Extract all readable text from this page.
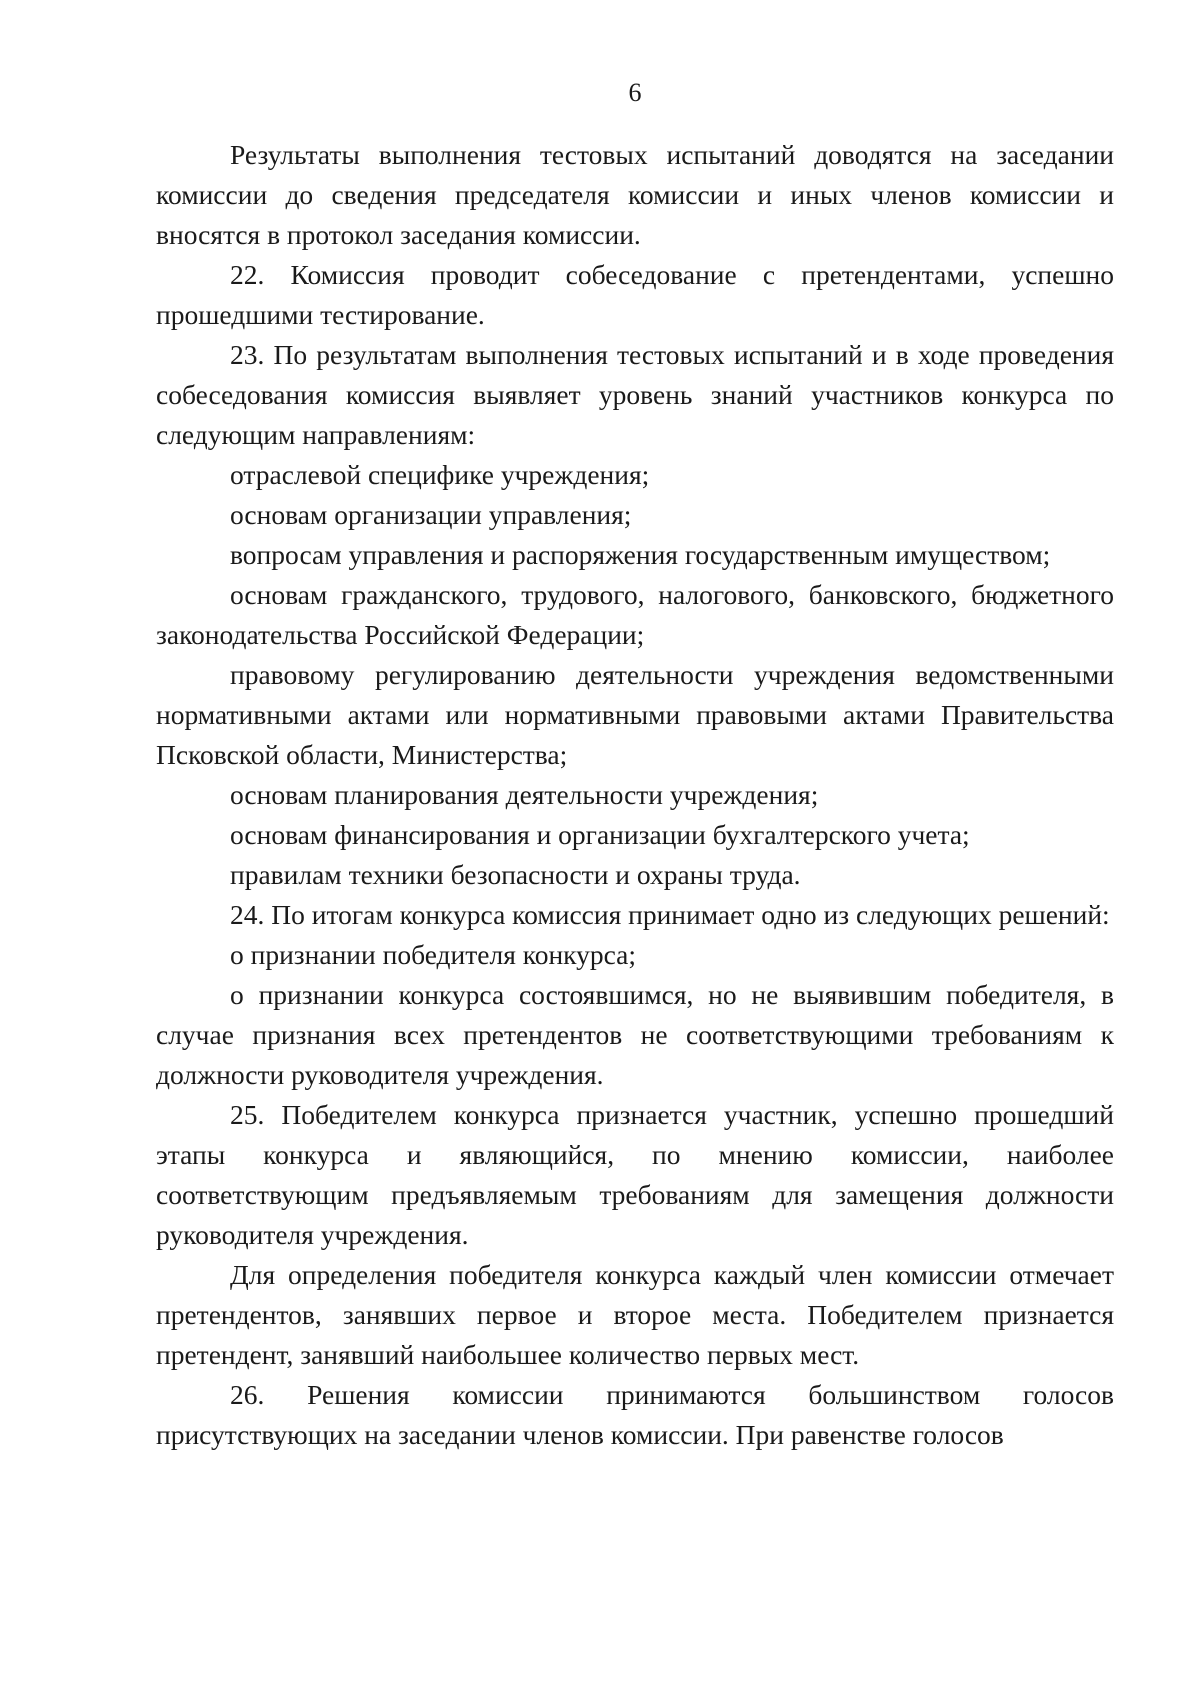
6

Результаты выполнения тестовых испытаний доводятся на заседании комиссии до сведения председателя комиссии и иных членов комиссии и вносятся в протокол заседания комиссии.

22. Комиссия проводит собеседование с претендентами, успешно прошедшими тестирование.

23. По результатам выполнения тестовых испытаний и в ходе проведения собеседования комиссия выявляет уровень знаний участников конкурса по следующим направлениям:

отраслевой специфике учреждения;

основам организации управления;

вопросам управления и распоряжения государственным имуществом;

основам гражданского, трудового, налогового, банковского, бюджетного законодательства Российской Федерации;

правовому регулированию деятельности учреждения ведомственными нормативными актами или нормативными правовыми актами Правительства Псковской области, Министерства;

основам планирования деятельности учреждения;

основам финансирования и организации бухгалтерского учета;

правилам техники безопасности и охраны труда.

24. По итогам конкурса комиссия принимает одно из следующих решений:

о признании победителя конкурса;

о признании конкурса состоявшимся, но не выявившим победителя, в случае признания всех претендентов не соответствующими требованиям к должности руководителя учреждения.

25. Победителем конкурса признается участник, успешно прошедший этапы конкурса и являющийся, по мнению комиссии, наиболее соответствующим предъявляемым требованиям для замещения должности руководителя учреждения.

Для определения победителя конкурса каждый член комиссии отмечает претендентов, занявших первое и второе места. Победителем признается претендент, занявший наибольшее количество первых мест.

26. Решения комиссии принимаются большинством голосов присутствующих на заседании членов комиссии. При равенстве голосов
